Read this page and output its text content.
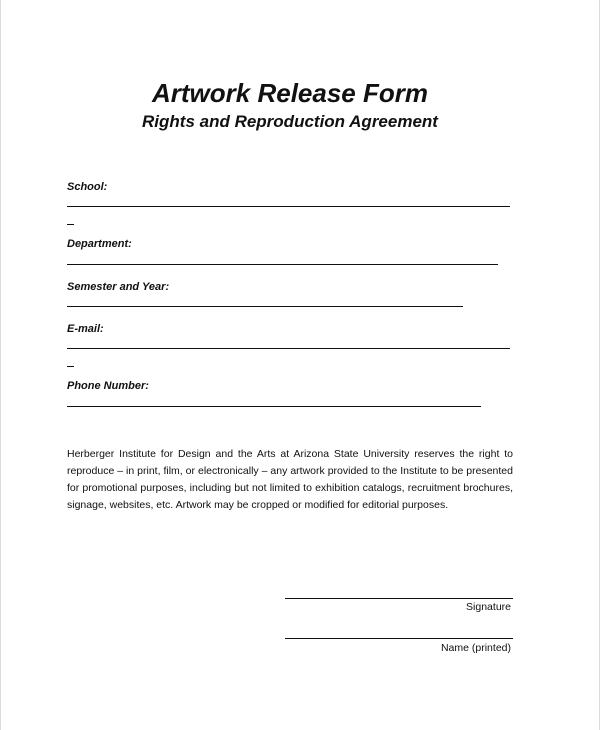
Artwork Release Form
Rights and Reproduction Agreement
School:
Department:
Semester and Year:
E-mail:
Phone Number:
Herberger Institute for Design and the Arts at Arizona State University reserves the right to reproduce – in print, film, or electronically – any artwork provided to the Institute to be presented for promotional purposes, including but not limited to exhibition catalogs, recruitment brochures, signage, websites, etc. Artwork may be cropped or modified for editorial purposes.
Signature
Name (printed)
